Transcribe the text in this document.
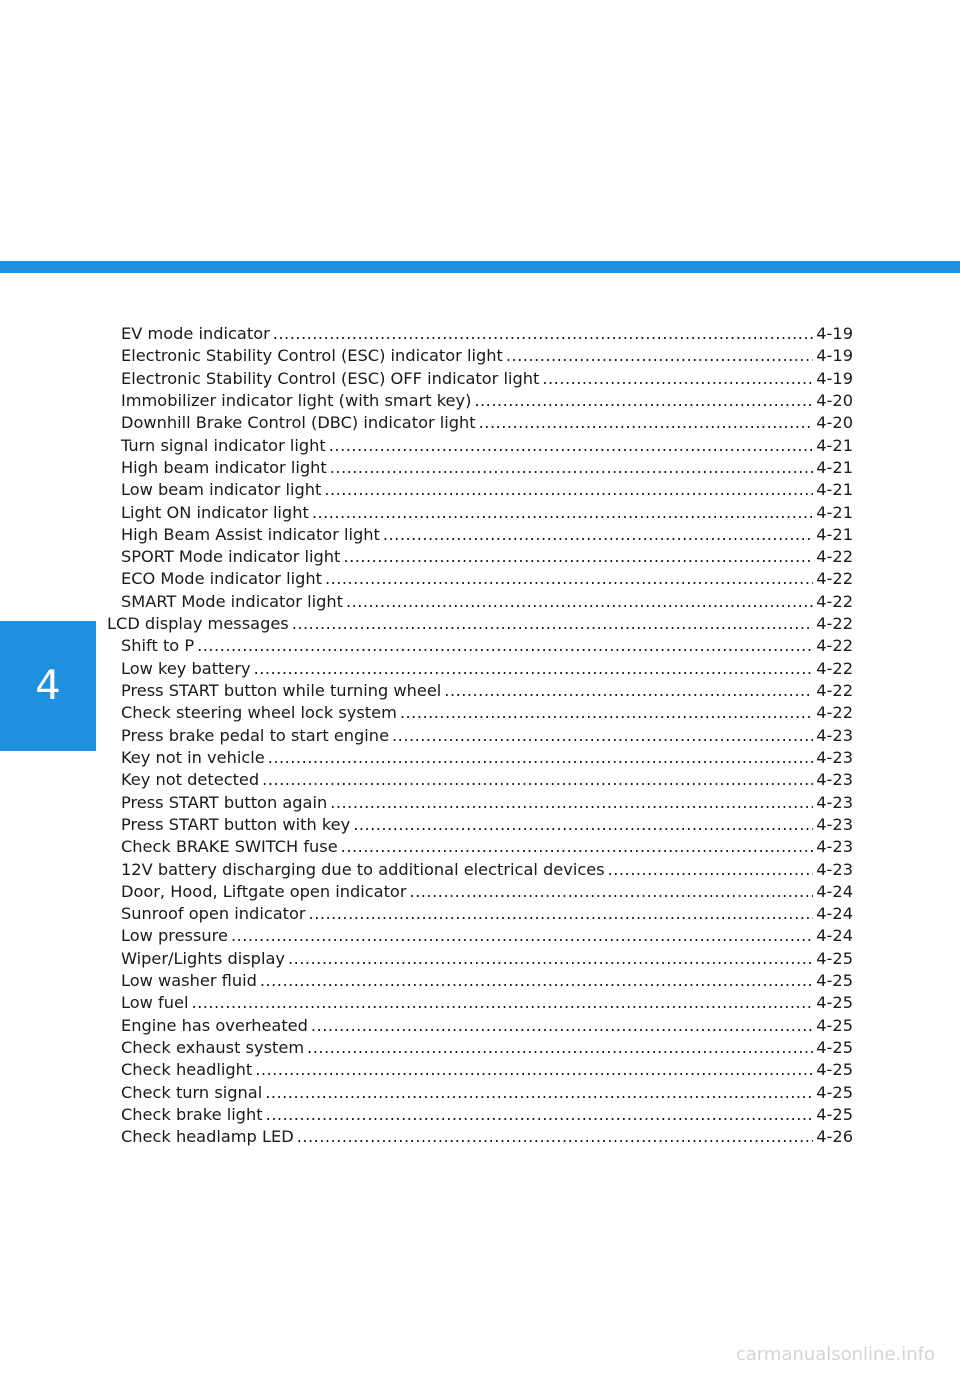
4
EV mode indicator .....	4-19
Electronic Stability Control (ESC) indicator light .....	4-19
Electronic Stability Control (ESC) OFF indicator light .....	4-19
Immobilizer indicator light (with smart key) .....	4-20
Downhill Brake Control (DBC) indicator light .....	4-20
Turn signal indicator light .....	4-21
High beam indicator light .....	4-21
Low beam indicator light .....	4-21
Light ON indicator light .....	4-21
High Beam Assist indicator light .....	4-21
SPORT Mode indicator light .....	4-22
ECO Mode indicator light .....	4-22
SMART Mode indicator light .....	4-22
LCD display messages .....	4-22
Shift to P .....	4-22
Low key battery .....	4-22
Press START button while turning wheel .....	4-22
Check steering wheel lock system .....	4-22
Press brake pedal to start engine .....	4-23
Key not in vehicle .....	4-23
Key not detected .....	4-23
Press START button again .....	4-23
Press START button with key .....	4-23
Check BRAKE SWITCH fuse .....	4-23
12V battery discharging due to additional electrical devices .....	4-23
Door, Hood, Liftgate open indicator .....	4-24
Sunroof open indicator .....	4-24
Low pressure .....	4-24
Wiper/Lights display .....	4-25
Low washer fluid .....	4-25
Low fuel .....	4-25
Engine has overheated .....	4-25
Check exhaust system .....	4-25
Check headlight .....	4-25
Check turn signal .....	4-25
Check brake light .....	4-25
Check headlamp LED .....	4-26
carmanualsonline.info
